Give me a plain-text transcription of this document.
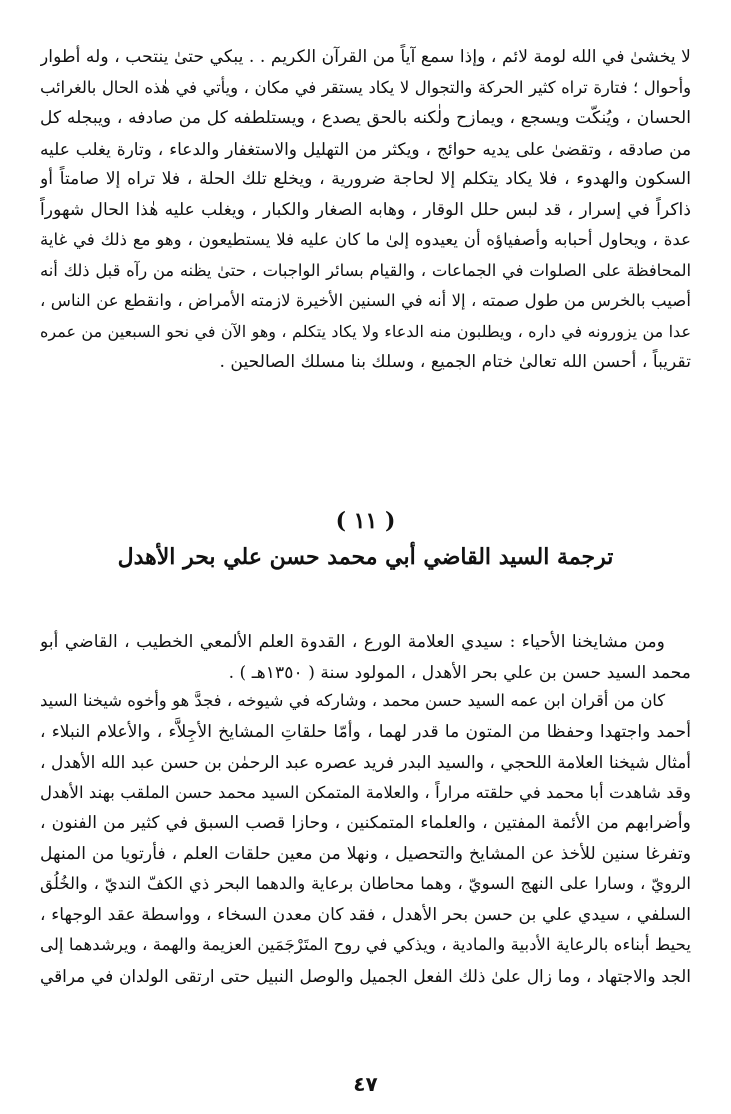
لا يخشىٰ في الله لومة لائم ، وإذا سمع آياً من القرآن الكريم . . يبكي حتىٰ ينتحب ، وله أطوار
وأحوال ؛ فتارة تراه كثير الحركة والتجوال لا يكاد يستقر في مكان ، ويأتي في هٰذه الحال بالغرائب
الحسان ، ويُنكّت ويسجع ، ويمازح ولٰكنه بالحق يصدع ، ويستلطفه كل من صادفه ، ويبجله كل
من صادقه ، وتقضىٰ على يديه حوائج ، ويكثر من التهليل والاستغفار والدعاء ، وتارة يغلب عليه
السكون والهدوء ، فلا يكاد يتكلم إلا لحاجة ضرورية ، ويخلع تلك الحلة ، فلا تراه إلا صامتاً أو
ذاكراً في إسرار ، قد لبس حلل الوقار ، وهابه الصغار والكبار ، ويغلب عليه هٰذا الحال شهوراً
عدة ، ويحاول أحبابه وأصفياؤه أن يعيدوه إلىٰ ما كان عليه فلا يستطيعون ، وهو مع ذلك في غاية
المحافظة على الصلوات في الجماعات ، والقيام بسائر الواجبات ، حتىٰ يظنه من رآه قبل ذلك أنه
أصيب بالخرس من طول صمته ، إلا أنه في السنين الأخيرة لازمته الأمراض ، وانقطع عن الناس ،
عدا من يزورونه في داره ، ويطلبون منه الدعاء ولا يكاد يتكلم ، وهو الآن في نحو السبعين من عمره
تقريباً ، أحسن الله تعالىٰ ختام الجميع ، وسلك بنا مسلك الصالحين .
( ١١ )
ترجمة السيد القاضي أبي محمد حسن علي بحر الأهدل
ومن مشايخنا الأحياء : سيدي العلامة الورع ، القدوة العلم الألمعي الخطيب ، القاضي أبو
محمد السيد حسن بن علي بحر الأهدل ، المولود سنة ( ١٣٥٠هـ ) .
كان من أقران ابن عمه السيد حسن محمد ، وشاركه في شيوخه ، فجدَّ هو وأخوه شيخنا السيد
أحمد واجتهدا وحفظا من المتون ما قدر لهما ، وأمّا حلقاتِ المشايخ الأجِلاَّء ، والأعلام النبلاء ،
أمثال شيخنا العلامة اللحجي ، والسيد البدر فريد عصره عبد الرحمٰن بن حسن عبد الله الأهدل ،
وقد شاهدت أبا محمد في حلقته مراراً ، والعلامة المتمكن السيد محمد حسن الملقب بهند الأهدل
وأضرابهم من الأئمة المفتين ، والعلماء المتمكنين ، وحازا قصب السبق في كثير من الفنون ،
وتفرغا سنين للأخذ عن المشايخ والتحصيل ، ونهلا من معين حلقات العلم ، فأرتويا من المنهل
الرويّ ، وسارا على النهج السويّ ، وهما محاطان برعاية والدهما البحر ذي الكفّ النديّ ، والخُلُق
السلفي ، سيدي علي بن حسن بحر الأهدل ، فقد كان معدن السخاء ، وواسطة عقد الوجهاء ،
يحيط أبناءه بالرعاية الأدبية والمادية ، ويذكي في روح المتَرْجَمَين العزيمة والهمة ، ويرشدهما إلى
الجد والاجتهاد ، وما زال علىٰ ذلك الفعل الجميل والوصل النبيل حتى ارتقى الولدان في مراقي
٤٧
